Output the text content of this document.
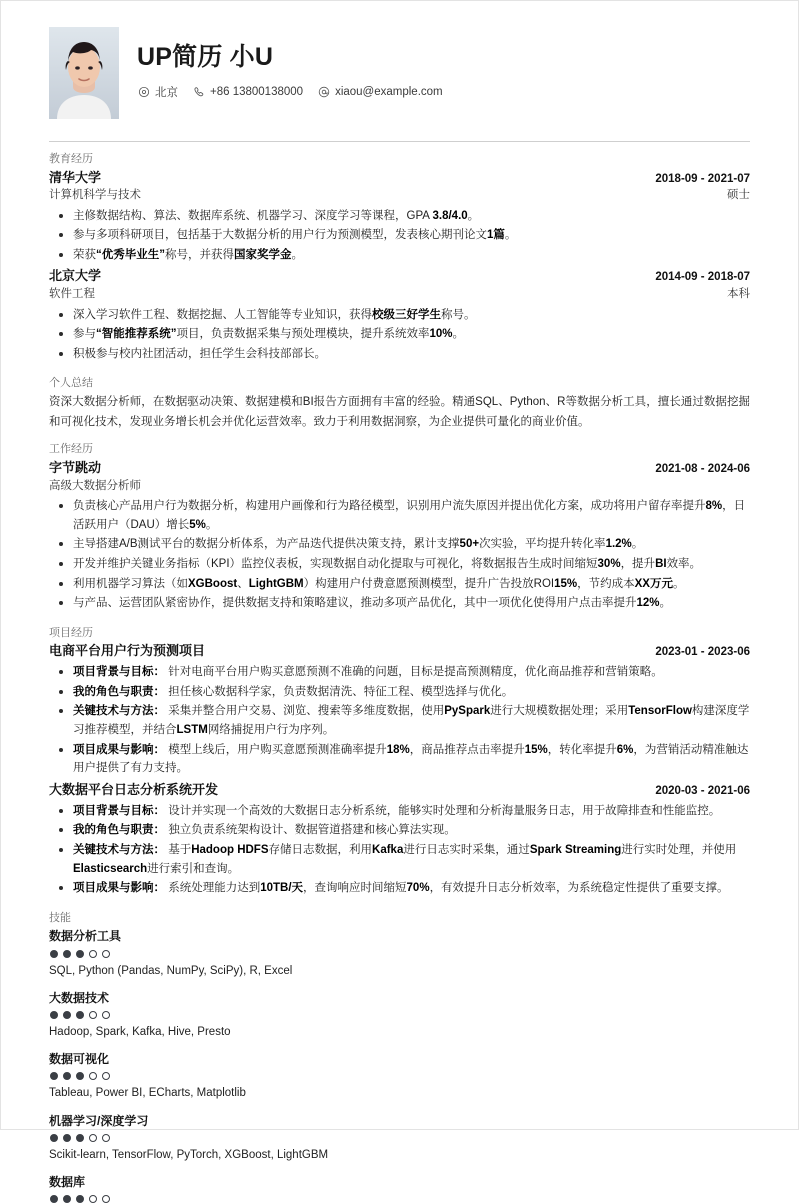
UP简历 小U
北京	+86 13800138000	xiaou@example.com
教育经历
清华大学	2018-09 - 2021-07
计算机科学与技术	硕士
主修数据结构、算法、数据库系统、机器学习、深度学习等课程，GPA 3.8/4.0。
参与多项科研项目，包括基于大数据分析的用户行为预测模型，发表核心期刊论文1篇。
荣获“优秀毕业生”称号，并获得国家奖学金。
北京大学	2014-09 - 2018-07
软件工程	本科
深入学习软件工程、数据挖掘、人工智能等专业知识，获得校级三好学生称号。
参与“智能推荐系统”项目，负责数据采集与预处理模块，提升系统效率10%。
积极参与校内社团活动，担任学生会科技部部长。
个人总结
资深大数据分析师，在数据驱动决策、数据建模和BI报告方面拥有丰富的经验。精通SQL、Python、R等数据分析工具，擅长通过数据挖掘和可视化技术，发现业务增长机会并优化运营效率。致力于利用数据洞察，为企业提供可量化的商业价值。
工作经历
字节跳动	2021-08 - 2024-06
高级大数据分析师
负责核心产品用户行为数据分析，构建用户画像和行为路径模型，识别用户流失原因并提出优化方案，成功将用户留存率提升8%，日活跃用户（DAU）增长5%。
主导搭建A/B测试平台的数据分析体系，为产品迭代提供决策支持，累计支撑50+次实验，平均提升转化率1.2%。
开发并维护关键业务指标（KPI）监控仪表板，实现数据自动化提取与可视化，将数据报告生成时间缩短30%，提升BI效率。
利用机器学习算法（如XGBoost、LightGBM）构建用户付费意愿预测模型，提升广告投放ROI15%，节约成本XX万元。
与产品、运营团队紧密协作，提供数据支持和策略建议，推动多项产品优化，其中一项优化使得用户点击率提升12%。
项目经历
电商平台用户行为预测项目	2023-01 - 2023-06
项目背景与目标： 针对电商平台用户购买意愿预测不准确的问题，目标是提高预测精度，优化商品推荐和营销策略。
我的角色与职责： 担任核心数据科学家，负责数据清洗、特征工程、模型选择与优化。
关键技术与方法： 采集并整合用户交易、浏览、搜索等多维度数据，使用PySpark进行大规模数据处理；采用TensorFlow构建深度学习推荐模型，并结合LSTM网络捕捉用户行为序列。
项目成果与影响： 模型上线后，用户购买意愿预测准确率提升18%，商品推荐点击率提升15%，转化率提升6%，为营销活动精准触达用户提供了有力支持。
大数据平台日志分析系统开发	2020-03 - 2021-06
项目背景与目标： 设计并实现一个高效的大数据日志分析系统，能够实时处理和分析海量服务日志，用于故障排查和性能监控。
我的角色与职责： 独立负责系统架构设计、数据管道搭建和核心算法实现。
关键技术与方法： 基于Hadoop HDFS存储日志数据，利用Kafka进行日志实时采集，通过Spark Streaming进行实时处理，并使用Elasticsearch进行索引和查询。
项目成果与影响： 系统处理能力达到10TB/天，查询响应时间缩短70%，有效提升日志分析效率，为系统稳定性提供了重要支撑。
技能
数据分析工具
SQL, Python (Pandas, NumPy, SciPy), R, Excel
大数据技术
Hadoop, Spark, Kafka, Hive, Presto
数据可视化
Tableau, Power BI, ECharts, Matplotlib
机器学习/深度学习
Scikit-learn, TensorFlow, PyTorch, XGBoost, LightGBM
数据库
